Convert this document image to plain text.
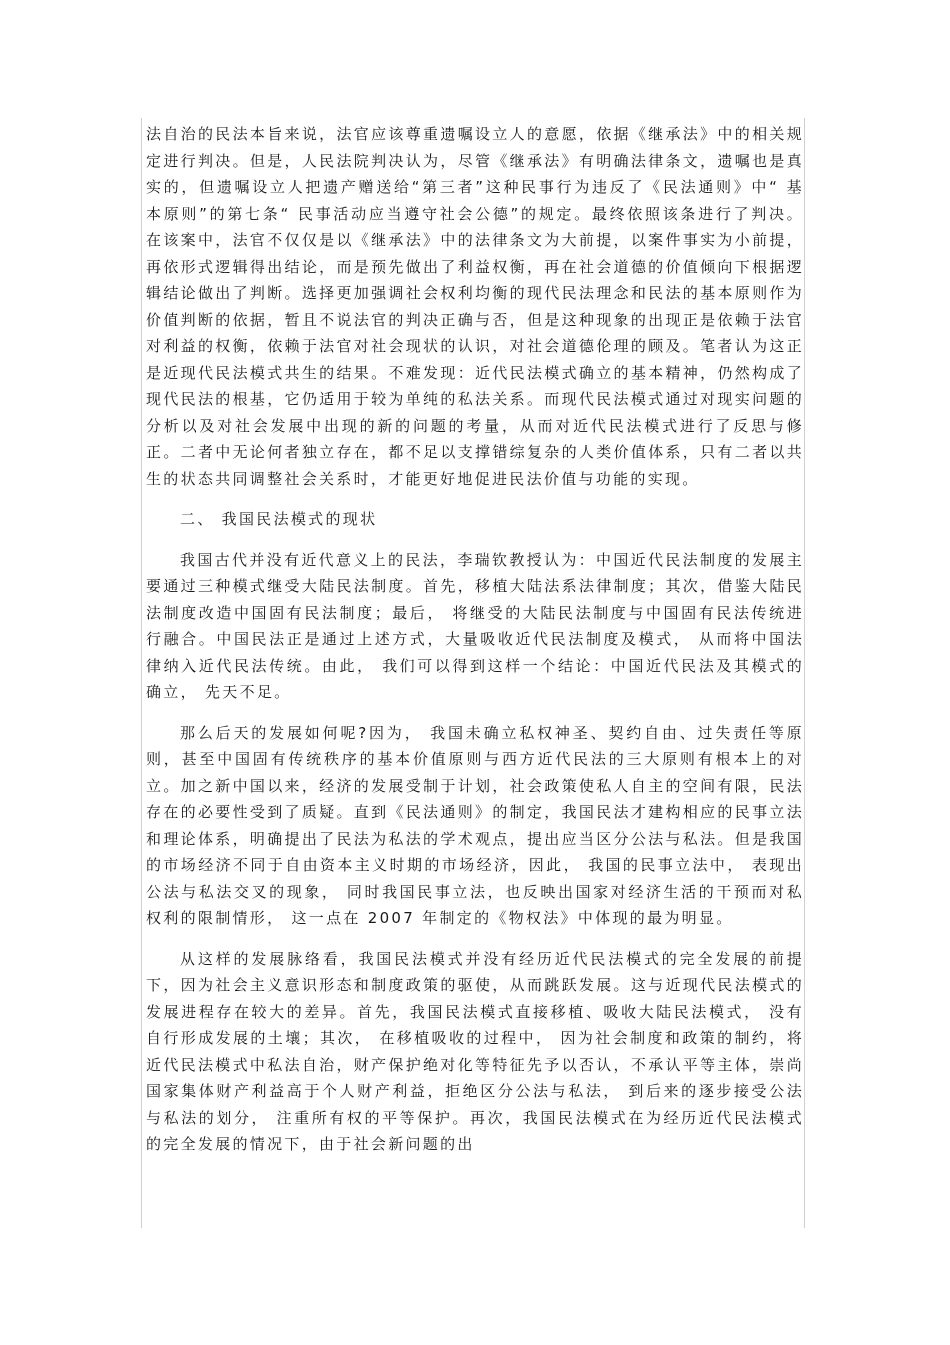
法自治的民法本旨来说，法官应该尊重遗嘱设立人的意愿，依据《继承法》中的相关规定进行判决。但是，人民法院判决认为，尽管《继承法》有明确法律条文，遗嘱也是真实的，但遗嘱设立人把遗产赠送给“第三者”这种民事行为违反了《民法通则》中“ 基本原则”的第七条“ 民事活动应当遵守社会公德”的规定。最终依照该条进行了判决。在该案中，法官不仅仅是以《继承法》中的法律条文为大前提，以案件事实为小前提，再依形式逻辑得出结论，而是预先做出了利益权衡，再在社会道德的价值倾向下根据逻辑结论做出了判断。选择更加强调社会权利均衡的现代民法理念和民法的基本原则作为价值判断的依据，暂且不说法官的判决正确与否，但是这种现象的出现正是依赖于法官对利益的权衡，依赖于法官对社会现状的认识，对社会道德伦理的顾及。笔者认为这正是近现代民法模式共生的结果。不难发现：近代民法模式确立的基本精神，仍然构成了现代民法的根基，它仍适用于较为单纯的私法关系。而现代民法模式通过对现实问题的分析以及对社会发展中出现的新的问题的考量，从而对近代民法模式进行了反思与修正。二者中无论何者独立存在，都不足以支撑错综复杂的人类价值体系，只有二者以共生的状态共同调整社会关系时，才能更好地促进民法价值与功能的实现。

二、 我国民法模式的现状

我国古代并没有近代意义上的民法，李瑞钦教授认为：中国近代民法制度的发展主要通过三种模式继受大陆民法制度。首先，移植大陆法系法律制度；其次，借鉴大陆民法制度改造中国固有民法制度；最后， 将继受的大陆民法制度与中国固有民法传统进行融合。中国民法正是通过上述方式，大量吸收近代民法制度及模式， 从而将中国法律纳入近代民法传统。由此， 我们可以得到这样一个结论：中国近代民法及其模式的确立， 先天不足。

那么后天的发展如何呢?因为， 我国未确立私权神圣、契约自由、过失责任等原则，甚至中国固有传统秩序的基本价值原则与西方近代民法的三大原则有根本上的对立。加之新中国以来，经济的发展受制于计划，社会政策使私人自主的空间有限，民法存在的必要性受到了质疑。直到《民法通则》的制定，我国民法才建构相应的民事立法和理论体系，明确提出了民法为私法的学术观点，提出应当区分公法与私法。但是我国的市场经济不同于自由资本主义时期的市场经济，因此， 我国的民事立法中， 表现出公法与私法交叉的现象， 同时我国民事立法，也反映出国家对经济生活的干预而对私权利的限制情形， 这一点在 2007 年制定的《物权法》中体现的最为明显。

从这样的发展脉络看，我国民法模式并没有经历近代民法模式的完全发展的前提下，因为社会主义意识形态和制度政策的驱使，从而跳跃发展。这与近现代民法模式的发展进程存在较大的差异。首先，我国民法模式直接移植、吸收大陆民法模式， 没有自行形成发展的土壤；其次， 在移植吸收的过程中， 因为社会制度和政策的制约，将近代民法模式中私法自治，财产保护绝对化等特征先予以否认，不承认平等主体，崇尚国家集体财产利益高于个人财产利益，拒绝区分公法与私法， 到后来的逐步接受公法与私法的划分， 注重所有权的平等保护。再次，我国民法模式在为经历近代民法模式的完全发展的情况下，由于社会新问题的出
